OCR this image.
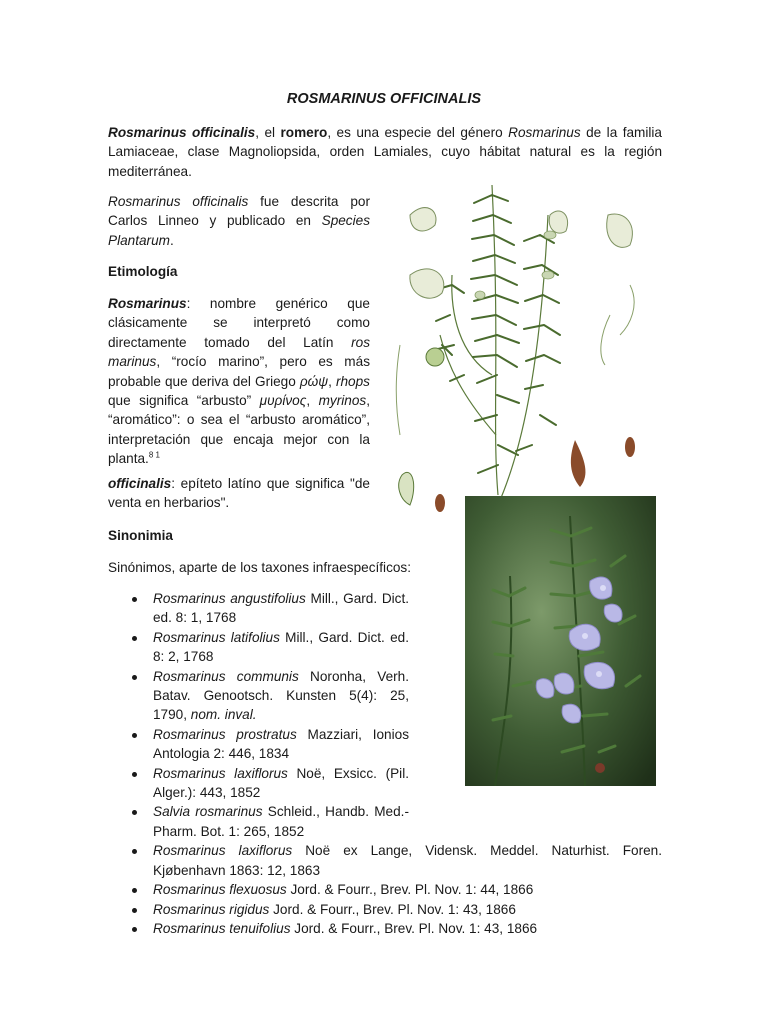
ROSMARINUS OFFICINALIS

Rosmarinus officinalis, el romero, es una especie del género Rosmarinus de la familia Lamiaceae, clase Magnoliopsida, orden Lamiales, cuyo hábitat natural es la región mediterránea.

Rosmarinus officinalis fue descrita por Carlos Linneo y publicado en Species Plantarum.

Etimología

Rosmarinus: nombre genérico que clásicamente se interpretó como directamente tomado del Latín ros marinus, “rocío marino”, pero es más probable que deriva del Griego ρώψ, rhops que significa “arbusto” μυρίνος, myrinos, “aromático”: o sea el “arbusto aromático”, interpretación que encaja mejor con la planta.$^{8 1}$

officinalis: epíteto latíno que significa "de venta en herbarios".

Sinonimia
Sinónimos, aparte de los taxones infraespecíficos:
Rosmarinus angustifolius Mill., Gard. Dict. ed. 8: 1, 1768
Rosmarinus latifolius Mill., Gard. Dict. ed. 8: 2, 1768
Rosmarinus communis Noronha, Verh. Batav. Genootsch. Kunsten 5(4): 25, 1790, nom. inval.
Rosmarinus prostratus Mazziari, Ionios Antologia 2: 446, 1834
Rosmarinus laxiflorus Noë, Exsicc. (Pil. Alger.): 443, 1852
Salvia rosmarinus Schleid., Handb. Med.-Pharm. Bot. 1: 265, 1852
Rosmarinus laxiflorus Noë ex Lange, Vidensk. Meddel. Naturhist. Foren. Kjøbenhavn 1863: 12, 1863
Rosmarinus flexuosus Jord. & Fourr., Brev. Pl. Nov. 1: 44, 1866
Rosmarinus rigidus Jord. & Fourr., Brev. Pl. Nov. 1: 43, 1866
Rosmarinus tenuifolius Jord. & Fourr., Brev. Pl. Nov. 1: 43, 1866
